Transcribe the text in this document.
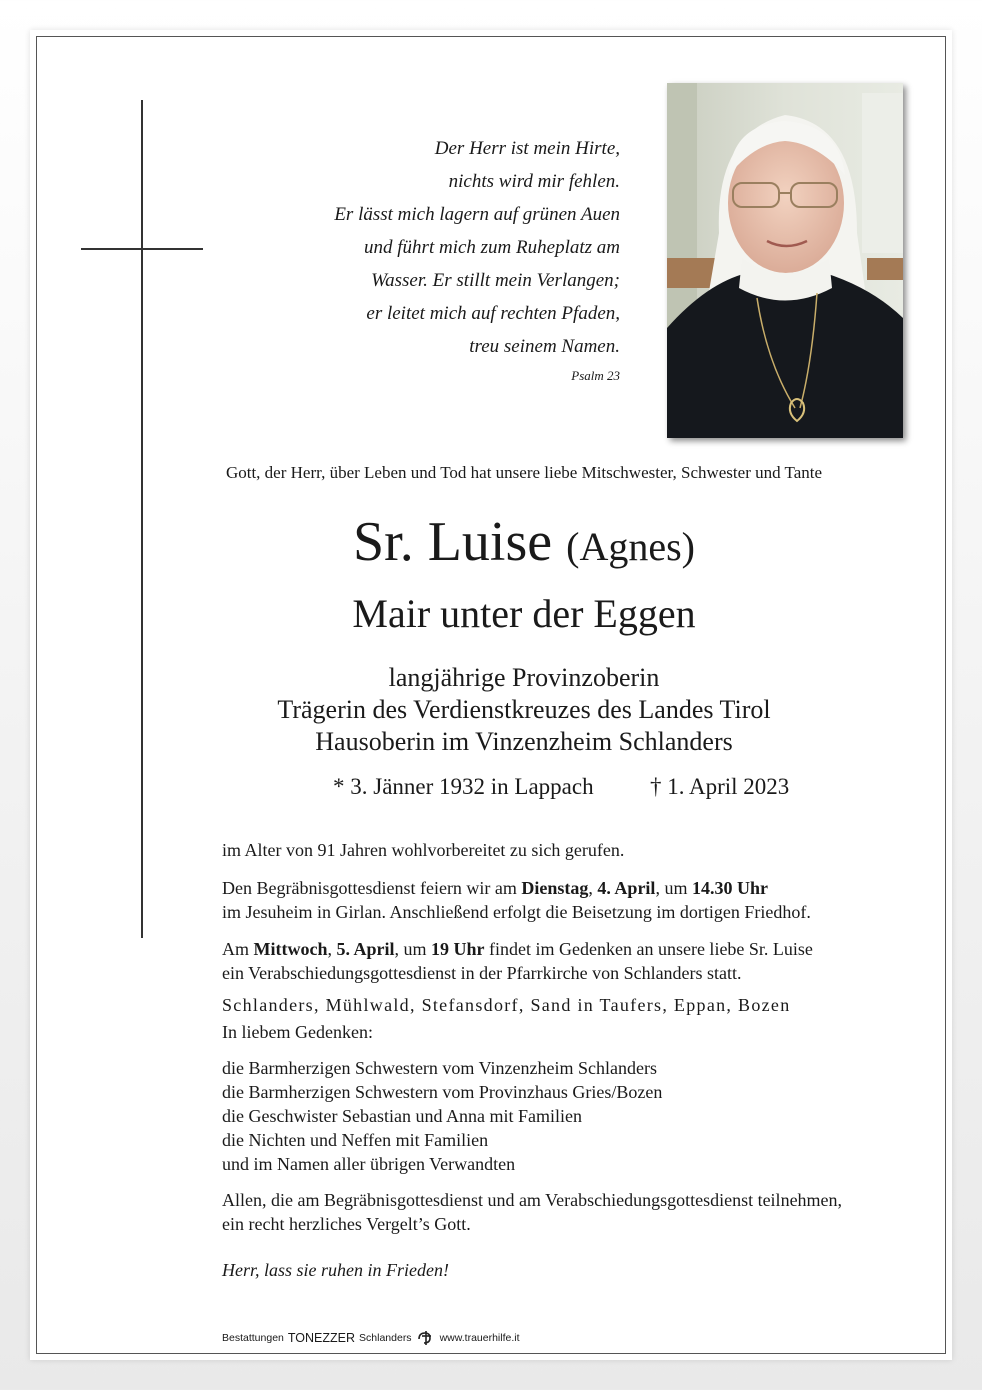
Der Herr ist mein Hirte,
nichts wird mir fehlen.
Er lässt mich lagern auf grünen Auen
und führt mich zum Ruheplatz am
Wasser. Er stillt mein Verlangen;
er leitet mich auf rechten Pfaden,
treu seinem Namen.
Psalm 23
Gott, der Herr, über Leben und Tod hat unsere liebe Mitschwester, Schwester und Tante
Sr. Luise (Agnes)
Mair unter der Eggen
langjährige Provinzoberin
Trägerin des Verdienstkreuzes des Landes Tirol
Hausoberin im Vinzenzheim Schlanders
* 3. Jänner 1932 in Lappach † 1. April 2023
im Alter von 91 Jahren wohlvorbereitet zu sich gerufen.
Den Begräbnisgottesdienst feiern wir am Dienstag, 4. April, um 14.30 Uhr
im Jesuheim in Girlan. Anschließend erfolgt die Beisetzung im dortigen Friedhof.
Am Mittwoch, 5. April, um 19 Uhr findet im Gedenken an unsere liebe Sr. Luise
ein Verabschiedungsgottesdienst in der Pfarrkirche von Schlanders statt.
Schlanders, Mühlwald, Stefansdorf, Sand in Taufers, Eppan, Bozen
In liebem Gedenken:
die Barmherzigen Schwestern vom Vinzenzheim Schlanders
die Barmherzigen Schwestern vom Provinzhaus Gries/Bozen
die Geschwister Sebastian und Anna mit Familien
die Nichten und Neffen mit Familien
und im Namen aller übrigen Verwandten
Allen, die am Begräbnisgottesdienst und am Verabschiedungsgottesdienst teilnehmen,
ein recht herzliches Vergelt’s Gott.
Herr, lass sie ruhen in Frieden!
Bestattungen TONEZZER Schlanders	www.trauerhilfe.it
